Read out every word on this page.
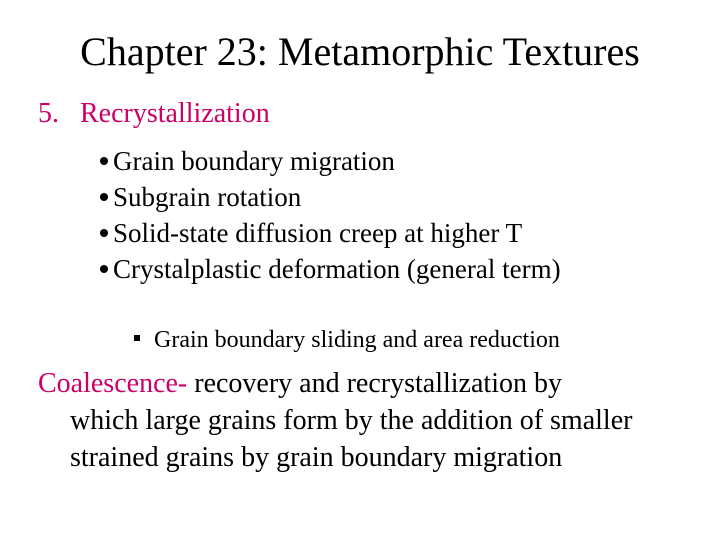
Chapter 23: Metamorphic Textures
5. Recrystallization
Grain boundary migration
Subgrain rotation
Solid-state diffusion creep at higher T
Crystalplastic deformation (general term)
Grain boundary sliding and area reduction
Coalescence- recovery and recrystallization by
which large grains form by the addition of smaller
strained grains by grain boundary migration
